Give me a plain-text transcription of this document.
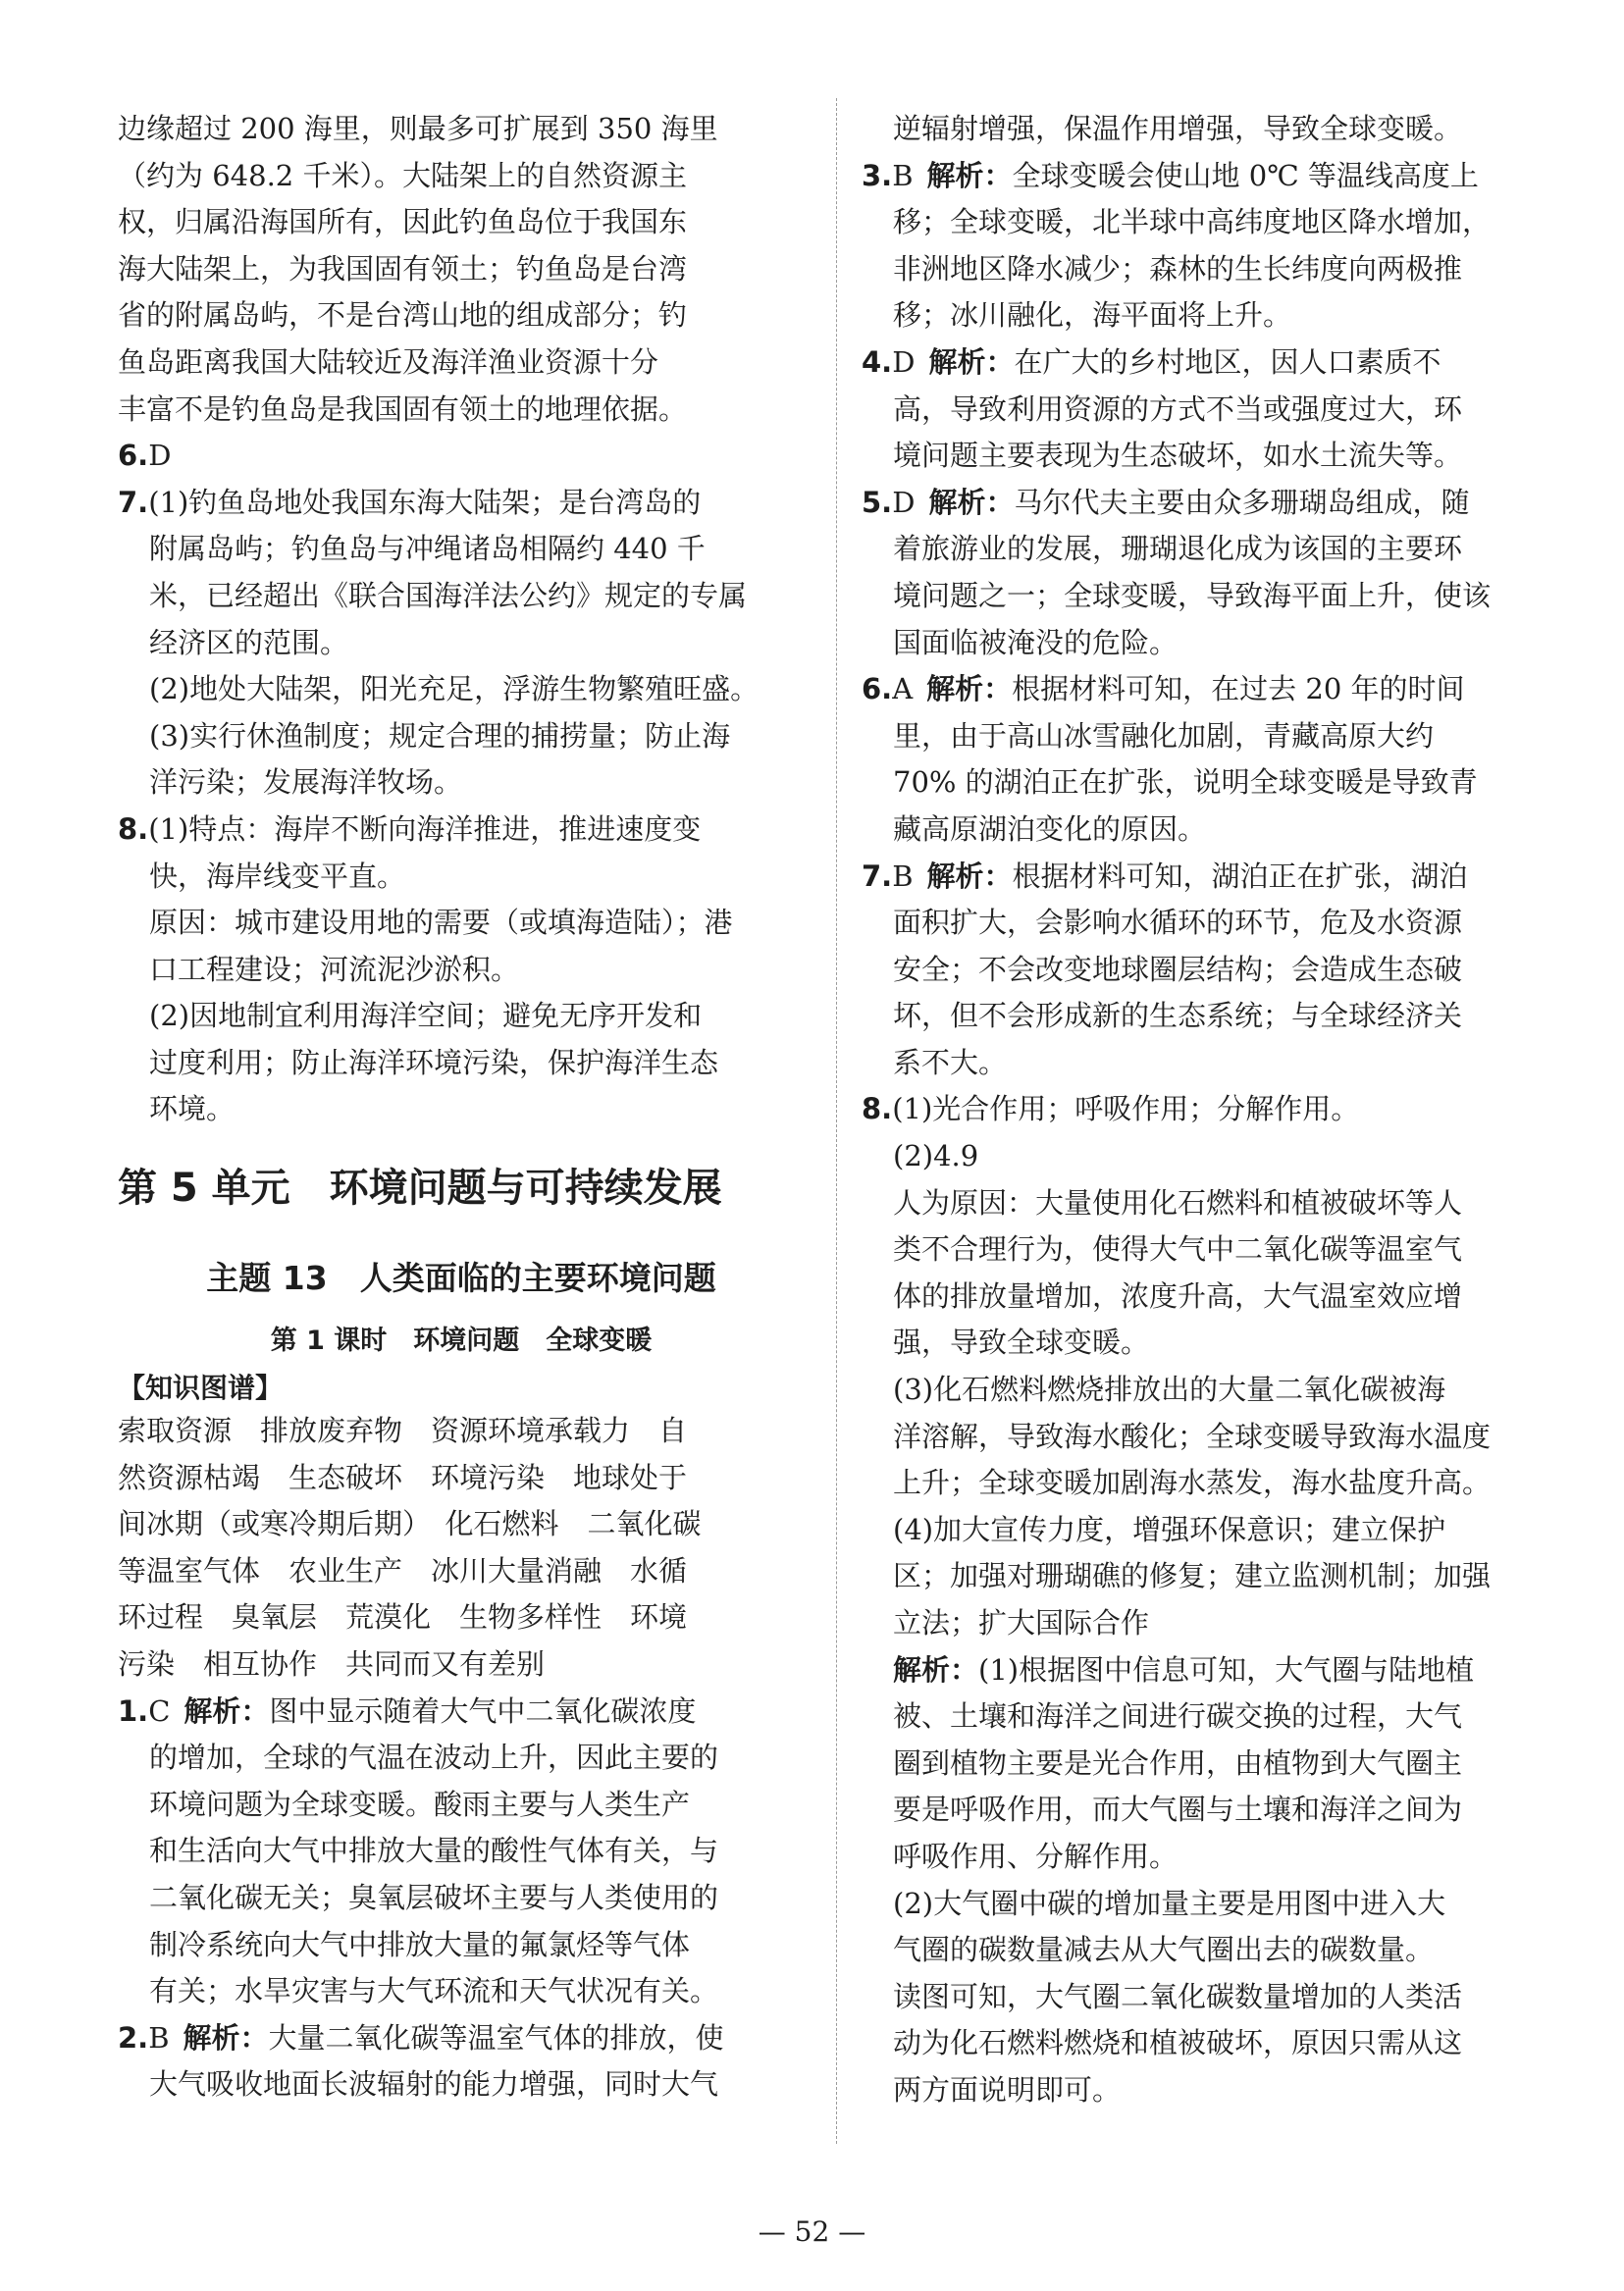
边缘超过 200 海里，则最多可扩展到 350 海里

（约为 648.2 千米）。大陆架上的自然资源主

权，归属沿海国所有，因此钓鱼岛位于我国东

海大陆架上，为我国固有领土；钓鱼岛是台湾

省的附属岛屿，不是台湾山地的组成部分；钓

鱼岛距离我国大陆较近及海洋渔业资源十分

丰富不是钓鱼岛是我国固有领土的地理依据。

6.D

7.(1)钓鱼岛地处我国东海大陆架；是台湾岛的

附属岛屿；钓鱼岛与冲绳诸岛相隔约 440 千

米，已经超出《联合国海洋法公约》规定的专属

经济区的范围。

(2)地处大陆架，阳光充足，浮游生物繁殖旺盛。

(3)实行休渔制度；规定合理的捕捞量；防止海

洋污染；发展海洋牧场。

8.(1)特点：海岸不断向海洋推进，推进速度变

快，海岸线变平直。

原因：城市建设用地的需要（或填海造陆）；港

口工程建设；河流泥沙淤积。

(2)因地制宜利用海洋空间；避免无序开发和

过度利用；防止海洋环境污染，保护海洋生态

环境。

第 5 单元　环境问题与可持续发展
主题 13　人类面临的主要环境问题
第 1 课时　环境问题　全球变暖
【知识图谱】

索取资源　排放废弃物　资源环境承载力　自

然资源枯竭　生态破坏　环境污染　地球处于

间冰期（或寒冷期后期）　化石燃料　二氧化碳

等温室气体　农业生产　冰川大量消融　水循

环过程　臭氧层　荒漠化　生物多样性　环境

污染　相互协作　共同而又有差别

1.C 解析：图中显示随着大气中二氧化碳浓度

的增加，全球的气温在波动上升，因此主要的

环境问题为全球变暖。酸雨主要与人类生产

和生活向大气中排放大量的酸性气体有关，与

二氧化碳无关；臭氧层破坏主要与人类使用的

制冷系统向大气中排放大量的氟氯烃等气体

有关；水旱灾害与大气环流和天气状况有关。

2.B 解析：大量二氧化碳等温室气体的排放，使

大气吸收地面长波辐射的能力增强，同时大气

逆辐射增强，保温作用增强，导致全球变暖。

3.B 解析：全球变暖会使山地 0℃ 等温线高度上

移；全球变暖，北半球中高纬度地区降水增加，

非洲地区降水减少；森林的生长纬度向两极推

移；冰川融化，海平面将上升。

4.D 解析：在广大的乡村地区，因人口素质不

高，导致利用资源的方式不当或强度过大，环

境问题主要表现为生态破坏，如水土流失等。

5.D 解析：马尔代夫主要由众多珊瑚岛组成，随

着旅游业的发展，珊瑚退化成为该国的主要环

境问题之一；全球变暖，导致海平面上升，使该

国面临被淹没的危险。

6.A 解析：根据材料可知，在过去 20 年的时间

里，由于高山冰雪融化加剧，青藏高原大约

70% 的湖泊正在扩张，说明全球变暖是导致青

藏高原湖泊变化的原因。

7.B 解析：根据材料可知，湖泊正在扩张，湖泊

面积扩大，会影响水循环的环节，危及水资源

安全；不会改变地球圈层结构；会造成生态破

坏，但不会形成新的生态系统；与全球经济关

系不大。

8.(1)光合作用；呼吸作用；分解作用。

(2)4.9

人为原因：大量使用化石燃料和植被破坏等人

类不合理行为，使得大气中二氧化碳等温室气

体的排放量增加，浓度升高，大气温室效应增

强，导致全球变暖。

(3)化石燃料燃烧排放出的大量二氧化碳被海

洋溶解，导致海水酸化；全球变暖导致海水温度

上升；全球变暖加剧海水蒸发，海水盐度升高。

(4)加大宣传力度，增强环保意识；建立保护

区；加强对珊瑚礁的修复；建立监测机制；加强

立法；扩大国际合作

解析：(1)根据图中信息可知，大气圈与陆地植

被、土壤和海洋之间进行碳交换的过程，大气

圈到植物主要是光合作用，由植物到大气圈主

要是呼吸作用，而大气圈与土壤和海洋之间为

呼吸作用、分解作用。

(2)大气圈中碳的增加量主要是用图中进入大

气圈的碳数量减去从大气圈出去的碳数量。

读图可知，大气圈二氧化碳数量增加的人类活

动为化石燃料燃烧和植被破坏，原因只需从这

两方面说明即可。

— 52 —
